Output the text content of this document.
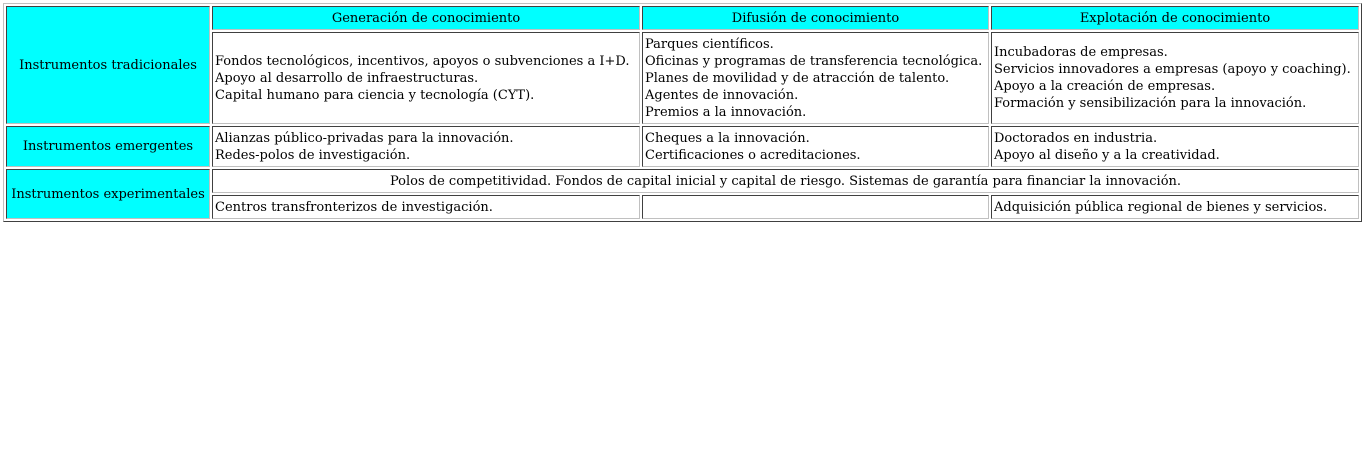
Instrumentos tradicionales	Generación de conocimiento	Difusión de conocimiento	Explotación de conocimiento

	Fondos tecnológicos, incentivos, apoyos o subvenciones a I+D.
Apoyo al desarrollo de infraestructuras.
Capital humano para ciencia y tecnología (CYT).	Parques científicos.
Oficinas y programas de transferencia tecnológica.
Planes de movilidad y de atracción de talento.
Agentes de innovación.
Premios a la innovación.	Incubadoras de empresas.
Servicios innovadores a empresas (apoyo y coaching).
Apoyo a la creación de empresas.
Formación y sensibilización para la innovación.

Instrumentos emergentes	Alianzas público-privadas para la innovación.
Redes-polos de investigación.	Cheques a la innovación.
Certificaciones o acreditaciones.	Doctorados en industria.
Apoyo al diseño y a la creatividad.

Instrumentos experimentales	Polos de competitividad. Fondos de capital inicial y capital de riesgo. Sistemas de garantía para financiar la innovación.		

	Centros transfronterizos de investigación.		Adquisición pública regional de bienes y servicios.
